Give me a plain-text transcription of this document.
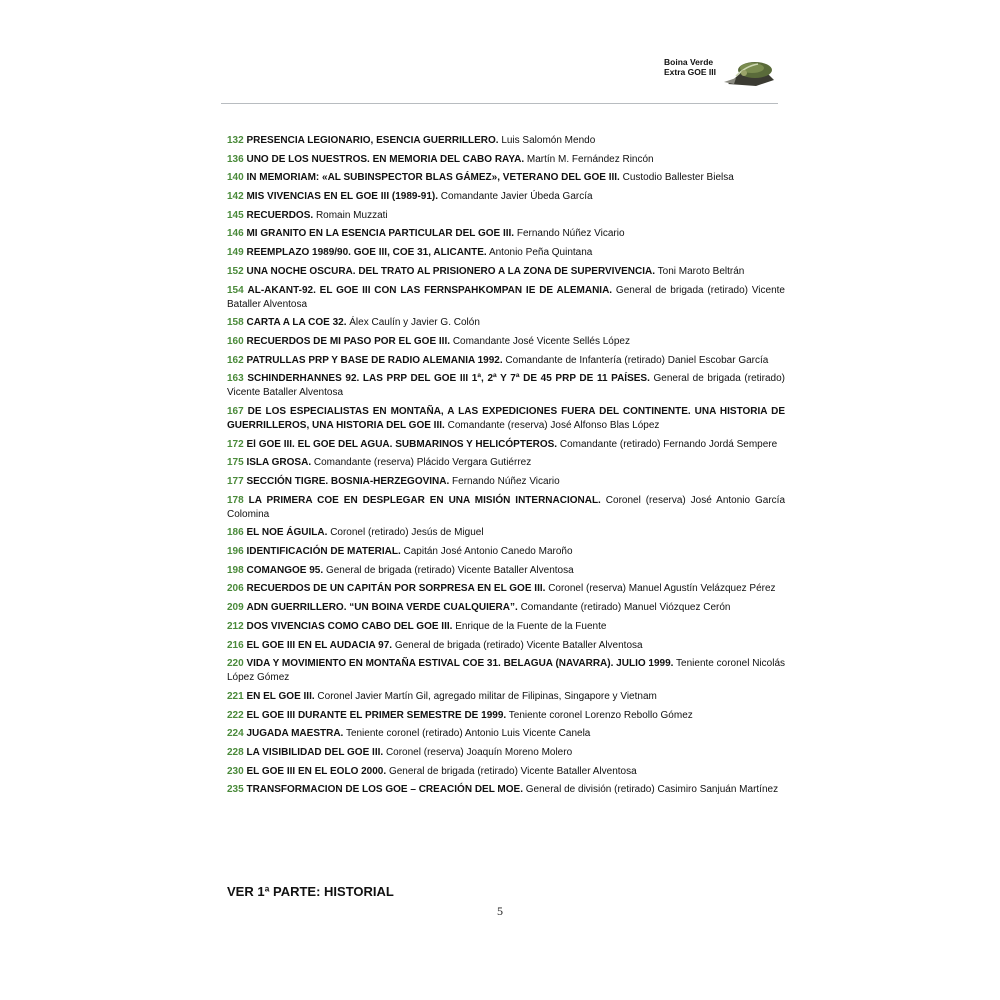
Boina Verde
Extra GOE III
132 PRESENCIA LEGIONARIO, ESENCIA GUERRILLERO. Luis Salomón Mendo
136 UNO DE LOS NUESTROS. EN MEMORIA DEL CABO RAYA. Martín M. Fernández Rincón
140 IN MEMORIAM: «AL SUBINSPECTOR BLAS GÁMEZ», VETERANO DEL GOE III. Custodio Ballester Bielsa
142 MIS VIVENCIAS EN EL GOE III (1989-91). Comandante Javier Úbeda García
145 RECUERDOS. Romain Muzzati
146 MI GRANITO EN LA ESENCIA PARTICULAR DEL GOE III. Fernando Núñez Vicario
149 REEMPLAZO 1989/90. GOE III, COE 31, ALICANTE. Antonio Peña Quintana
152 UNA NOCHE OSCURA. DEL TRATO AL PRISIONERO A LA ZONA DE SUPERVIVENCIA. Toni Maroto Beltrán
154 AL-AKANT-92. EL GOE III CON LAS FERNSPAHKOMPAN IE DE ALEMANIA. General de brigada (retirado) Vicente Bataller Alventosa
158 CARTA A LA COE 32. Álex Caulín y Javier G. Colón
160 RECUERDOS DE MI PASO POR EL GOE III. Comandante José Vicente Sellés López
162 PATRULLAS PRP Y BASE DE RADIO ALEMANIA 1992. Comandante de Infantería (retirado) Daniel Escobar García
163 SCHINDERHANNES 92. LAS PRP DEL GOE III 1ª, 2ª Y 7ª DE 45 PRP DE 11 PAÍSES. General de brigada (retirado) Vicente Bataller Alventosa
167 DE LOS ESPECIALISTAS EN MONTAÑA, A LAS EXPEDICIONES FUERA DEL CONTINENTE. UNA HISTORIA DE GUERRILLEROS, UNA HISTORIA DEL GOE III. Comandante (reserva) José Alfonso Blas López
172 El GOE III. EL GOE DEL AGUA. SUBMARINOS Y HELICÓPTEROS. Comandante (retirado) Fernando Jordá Sempere
175 ISLA GROSA. Comandante (reserva) Plácido Vergara Gutiérrez
177 SECCIÓN TIGRE. BOSNIA-HERZEGOVINA. Fernando Núñez Vicario
178 LA PRIMERA COE EN DESPLEGAR EN UNA MISIÓN INTERNACIONAL. Coronel (reserva) José Antonio García Colomina
186 EL NOE ÁGUILA. Coronel (retirado) Jesús de Miguel
196 IDENTIFICACIÓN DE MATERIAL. Capitán José Antonio Canedo Maroño
198 COMANGOE 95. General de brigada (retirado) Vicente Bataller Alventosa
206 RECUERDOS DE UN CAPITÁN POR SORPRESA EN EL GOE III. Coronel (reserva) Manuel Agustín Velázquez Pérez
209 ADN GUERRILLERO. “UN BOINA VERDE CUALQUIERA”. Comandante (retirado) Manuel Viózquez Cerón
212 DOS VIVENCIAS COMO CABO DEL GOE III. Enrique de la Fuente de la Fuente
216 EL GOE III EN EL AUDACIA 97. General de brigada (retirado) Vicente Bataller Alventosa
220 VIDA Y MOVIMIENTO EN MONTAÑA ESTIVAL COE 31. BELAGUA (NAVARRA). JULIO 1999. Teniente coronel Nicolás López Gómez
221 EN EL GOE III. Coronel Javier Martín Gil, agregado militar de Filipinas, Singapore y Vietnam
222 EL GOE III DURANTE EL PRIMER SEMESTRE DE 1999. Teniente coronel Lorenzo Rebollo Gómez
224 JUGADA MAESTRA. Teniente coronel (retirado) Antonio Luis Vicente Canela
228 LA VISIBILIDAD DEL GOE III. Coronel (reserva) Joaquín Moreno Molero
230 EL GOE III EN EL EOLO 2000. General de brigada (retirado) Vicente Bataller Alventosa
235 TRANSFORMACION DE LOS GOE – CREACIÓN DEL MOE. General de división (retirado) Casimiro Sanjuán Martínez
VER 1ª PARTE: HISTORIAL
5
